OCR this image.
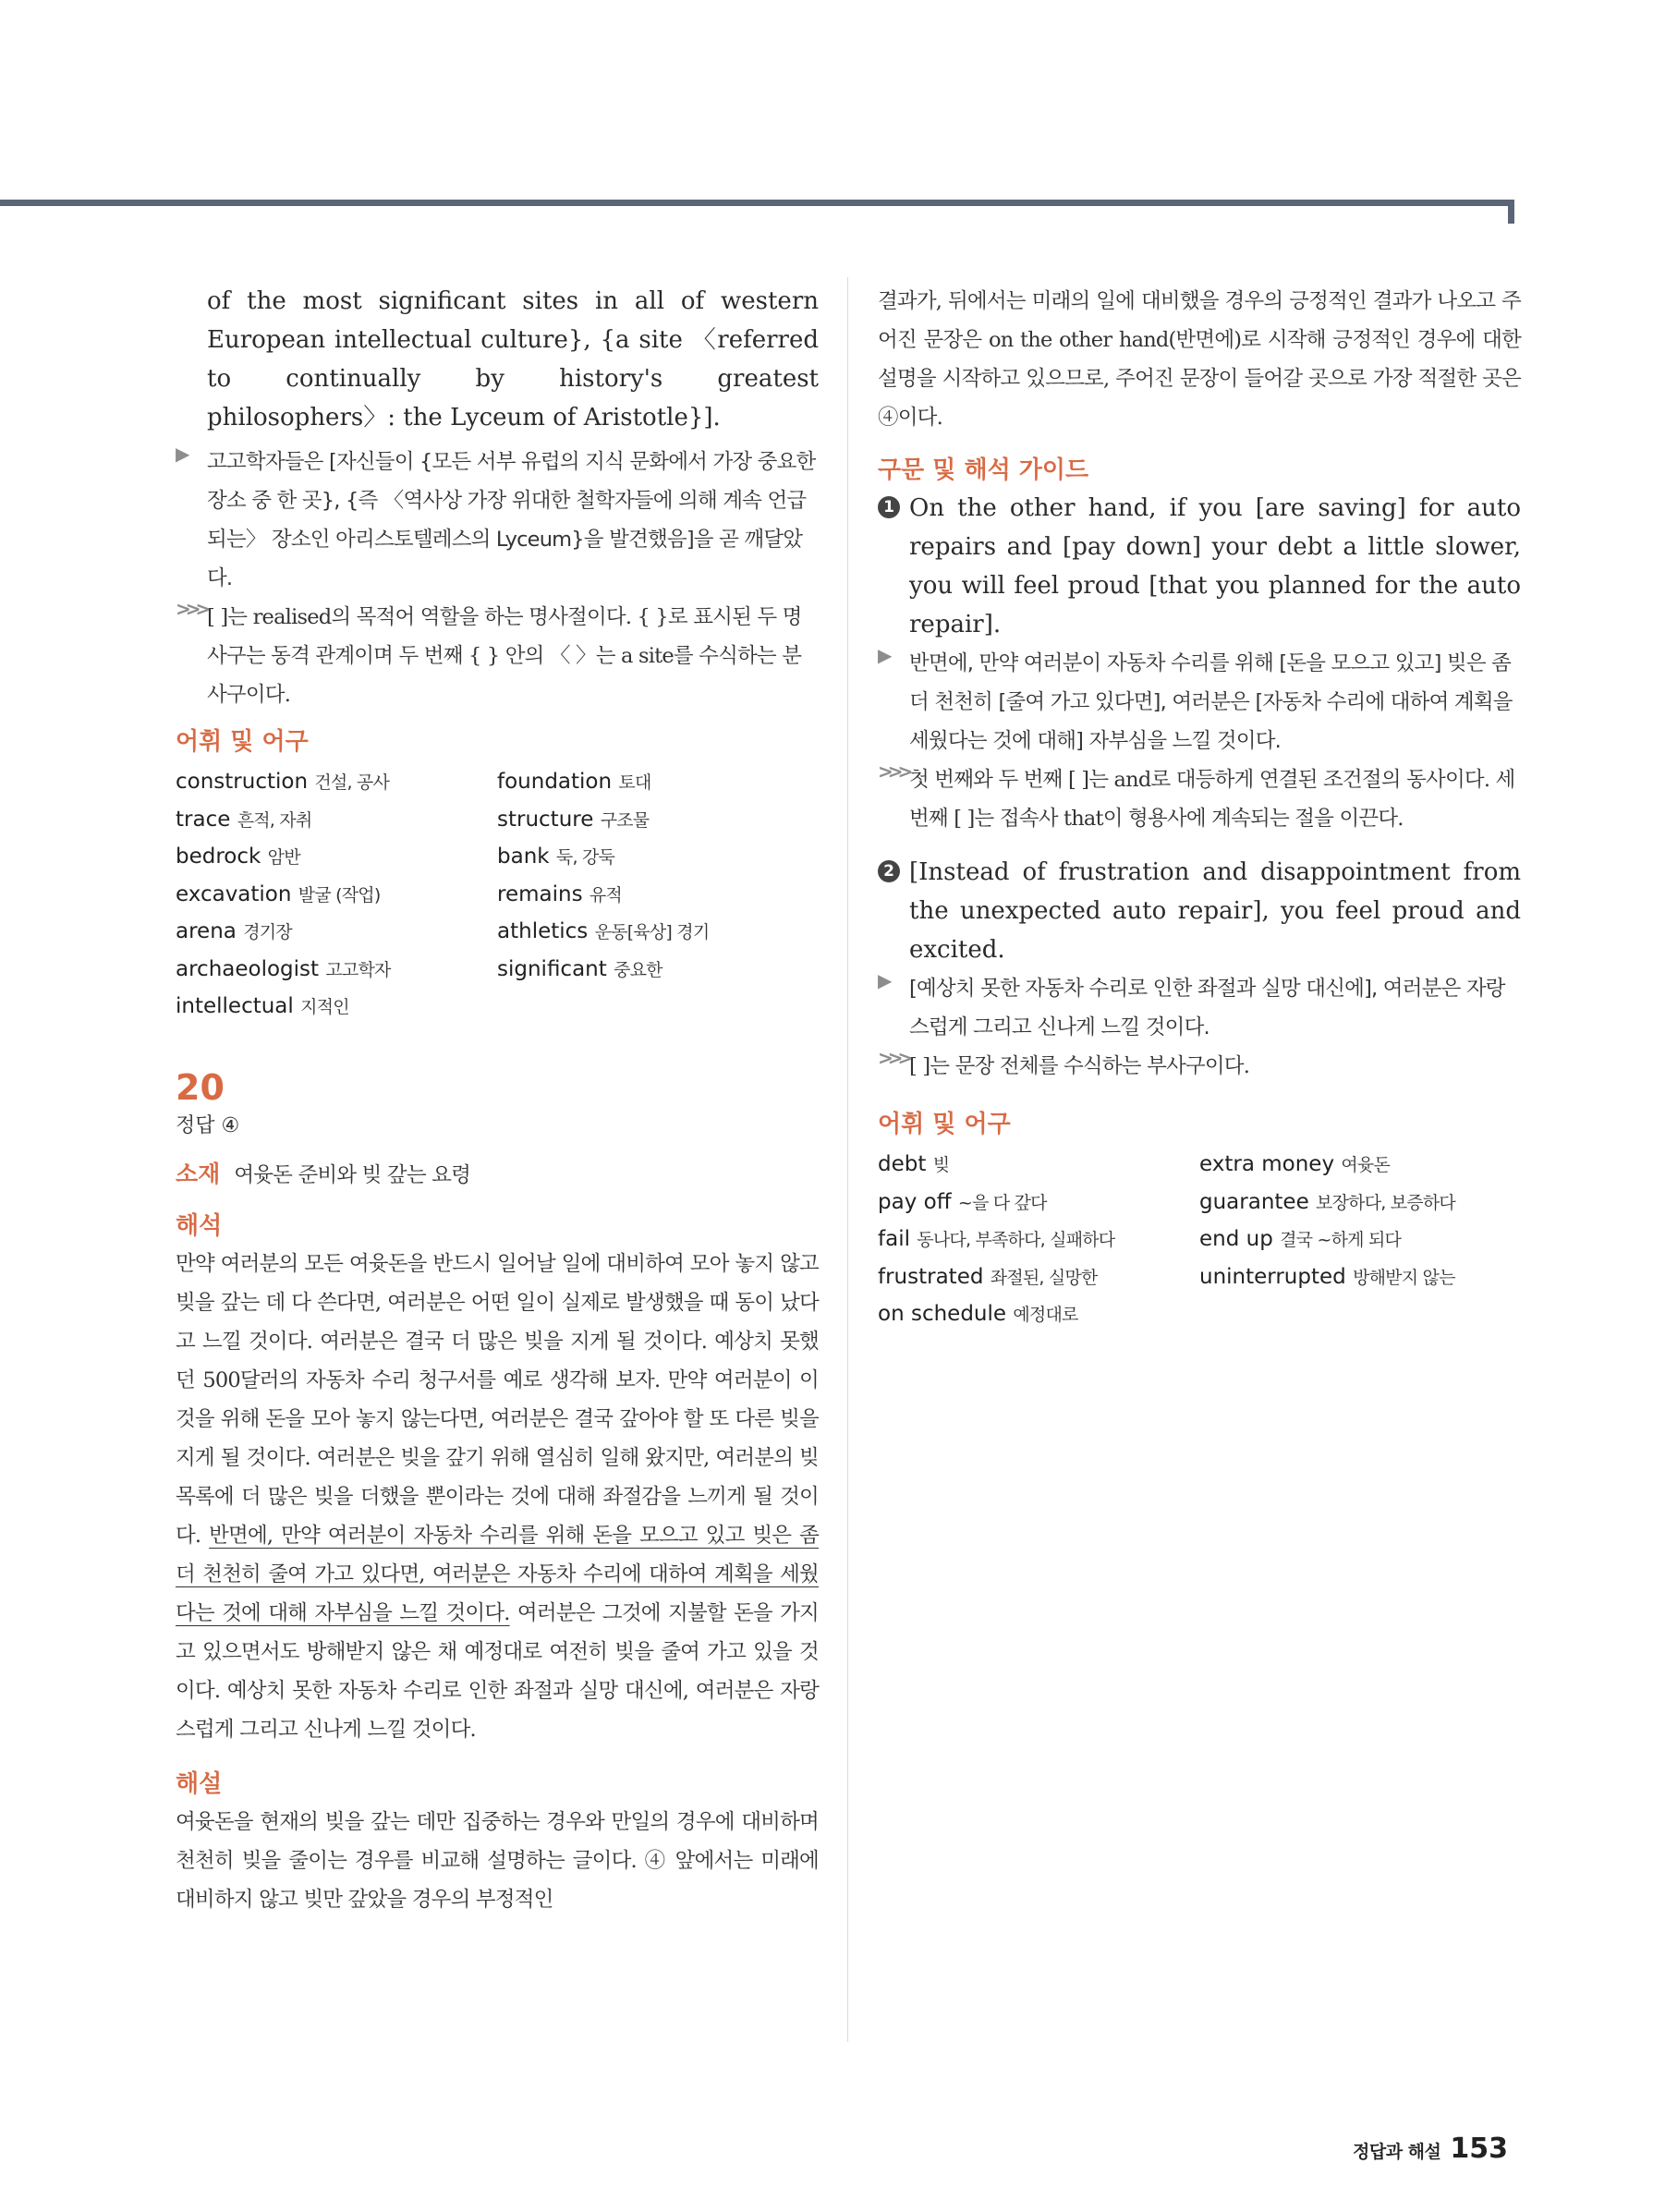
of the most significant sites in all of western European intellectual culture}, {a site 〈referred to continually by history's greatest philosophers〉: the Lyceum of Aristotle}].

▶ 고고학자들은 [자신들이 {모든 서부 유럽의 지식 문화에서 가장 중요한 장소 중 한 곳}, {즉 〈역사상 가장 위대한 철학자들에 의해 계속 언급되는〉 장소인 아리스토텔레스의 Lyceum}을 발견했음]을 곧 깨달았다.

>>> [ ]는 realised의 목적어 역할을 하는 명사절이다. { }로 표시된 두 명사구는 동격 관계이며 두 번째 { } 안의 〈 〉는 a site를 수식하는 분사구이다.

어휘 및 어구
construction 건설, 공사	foundation 토대
trace 흔적, 자취	structure 구조물
bedrock 암반	bank 둑, 강둑
excavation 발굴 (작업)	remains 유적
arena 경기장	athletics 운동[육상] 경기
archaeologist 고고학자	significant 중요한
intellectual 지적인
20
정답 ④
소재 여윳돈 준비와 빚 갚는 요령
해석

만약 여러분의 모든 여윳돈을 반드시 일어날 일에 대비하여 모아 놓지 않고 빚을 갚는 데 다 쓴다면, 여러분은 어떤 일이 실제로 발생했을 때 동이 났다고 느낄 것이다. 여러분은 결국 더 많은 빚을 지게 될 것이다. 예상치 못했던 500달러의 자동차 수리 청구서를 예로 생각해 보자. 만약 여러분이 이것을 위해 돈을 모아 놓지 않는다면, 여러분은 결국 갚아야 할 또 다른 빚을 지게 될 것이다. 여러분은 빚을 갚기 위해 열심히 일해 왔지만, 여러분의 빚 목록에 더 많은 빚을 더했을 뿐이라는 것에 대해 좌절감을 느끼게 될 것이다. 반면에, 만약 여러분이 자동차 수리를 위해 돈을 모으고 있고 빚은 좀 더 천천히 줄여 가고 있다면, 여러분은 자동차 수리에 대하여 계획을 세웠다는 것에 대해 자부심을 느낄 것이다. 여러분은 그것에 지불할 돈을 가지고 있으면서도 방해받지 않은 채 예정대로 여전히 빚을 줄여 가고 있을 것이다. 예상치 못한 자동차 수리로 인한 좌절과 실망 대신에, 여러분은 자랑스럽게 그리고 신나게 느낄 것이다.

해설

여윳돈을 현재의 빚을 갚는 데만 집중하는 경우와 만일의 경우에 대비하며 천천히 빚을 줄이는 경우를 비교해 설명하는 글이다. ④ 앞에서는 미래에 대비하지 않고 빚만 갚았을 경우의 부정적인

결과가, 뒤에서는 미래의 일에 대비했을 경우의 긍정적인 결과가 나오고 주어진 문장은 on the other hand(반면에)로 시작해 긍정적인 경우에 대한 설명을 시작하고 있으므로, 주어진 문장이 들어갈 곳으로 가장 적절한 곳은 ④이다.

구문 및 해석 가이드
1 On the other hand, if you [are saving] for auto repairs and [pay down] your debt a little slower, you will feel proud [that you planned for the auto repair].

▶ 반면에, 만약 여러분이 자동차 수리를 위해 [돈을 모으고 있고] 빚은 좀 더 천천히 [줄여 가고 있다면], 여러분은 [자동차 수리에 대하여 계획을 세웠다는 것에 대해] 자부심을 느낄 것이다.

>>> 첫 번째와 두 번째 [ ]는 and로 대등하게 연결된 조건절의 동사이다. 세 번째 [ ]는 접속사 that이 형용사에 계속되는 절을 이끈다.

2 [Instead of frustration and disappointment from the unexpected auto repair], you feel proud and excited.

▶ [예상치 못한 자동차 수리로 인한 좌절과 실망 대신에], 여러분은 자랑스럽게 그리고 신나게 느낄 것이다.

>>> [ ]는 문장 전체를 수식하는 부사구이다.

어휘 및 어구
debt 빚	extra money 여윳돈
pay off ~을 다 갚다	guarantee 보장하다, 보증하다
fail 동나다, 부족하다, 실패하다	end up 결국 ~하게 되다
frustrated 좌절된, 실망한	uninterrupted 방해받지 않는
on schedule 예정대로
정답과 해설 153
